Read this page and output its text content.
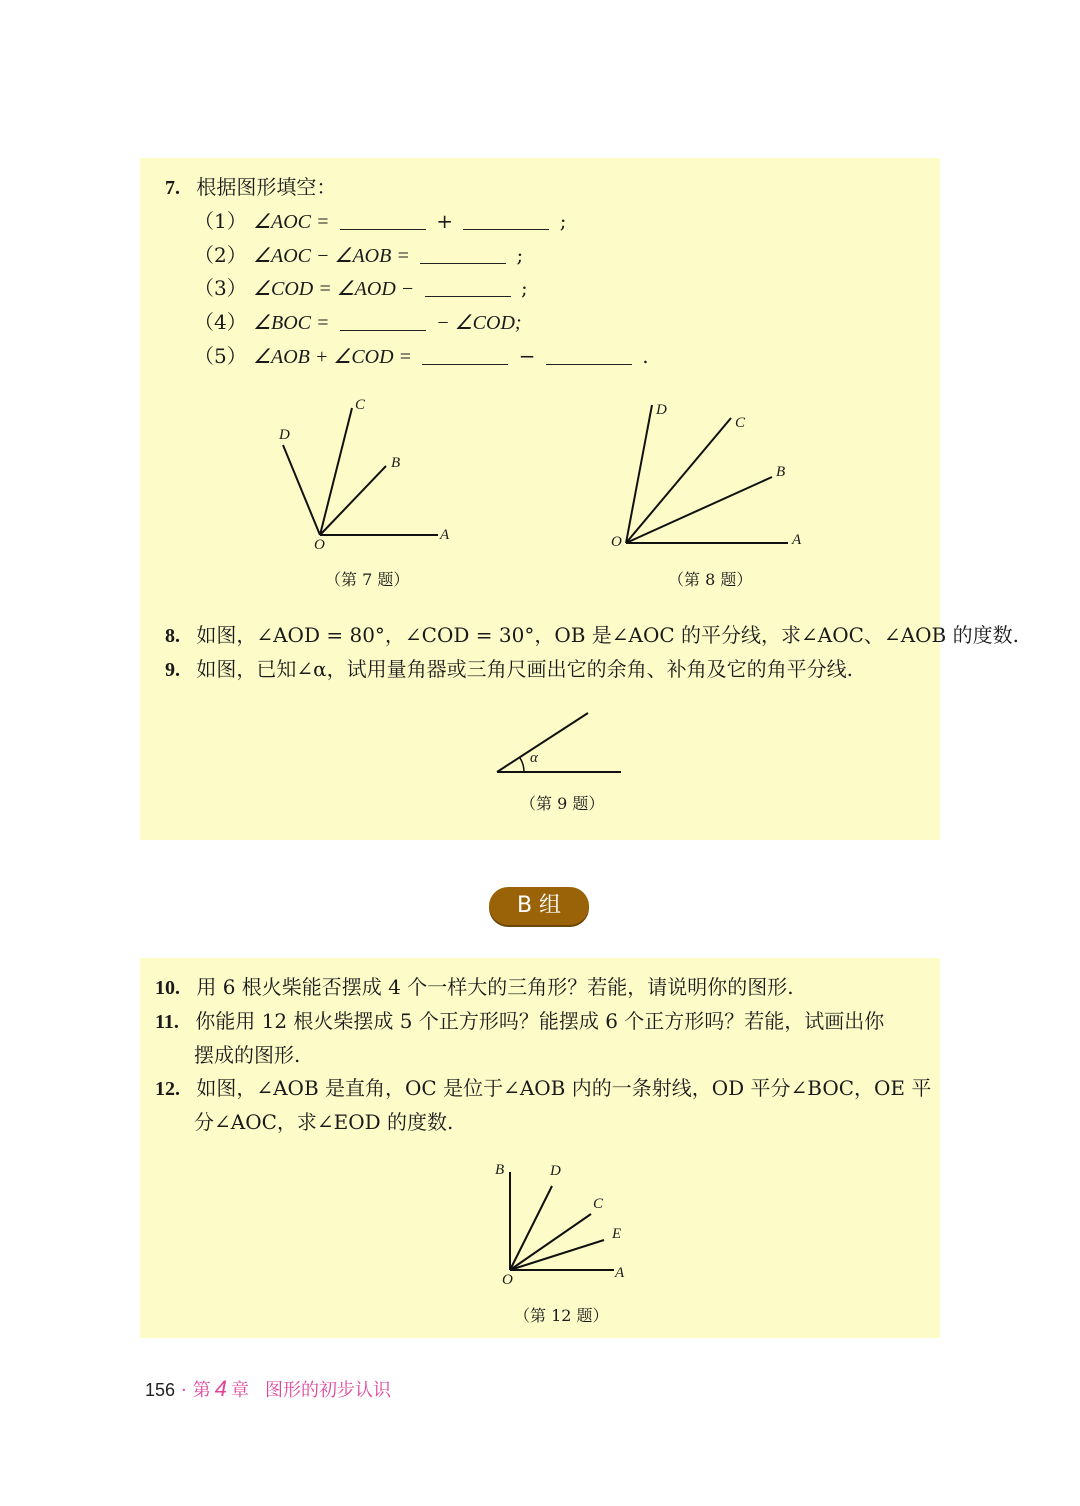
7. 根据图形填空：
（1） ∠AOC =	+	;
（2） ∠AOC − ∠AOB =	;
（3） ∠COD = ∠AOD −	;
（4） ∠BOC =	− ∠COD;
（5） ∠AOB + ∠COD =	−	.
O
A
B
C
D
（第 7 题）
O	A
B
C
D
（第 8 题）
8. 如图，∠AOD = 80°，∠COD = 30°，OB 是∠AOC 的平分线，求∠AOC、∠AOB 的度数.
9. 如图，已知∠α，试用量角器或三角尺画出它的余角、补角及它的角平分线.
α
（第 9 题）
B 组
10. 用 6 根火柴能否摆成 4 个一样大的三角形？若能，请说明你的图形.
11. 你能用 12 根火柴摆成 5 个正方形吗？能摆成 6 个正方形吗？若能，试画出你
摆成的图形.
12. 如图，∠AOB 是直角，OC 是位于∠AOB 内的一条射线，OD 平分∠BOC，OE 平
分∠AOC，求∠EOD 的度数.
O	A
B
C
D
E
（第 12 题）
156 · 第 4 章 图形的初步认识
